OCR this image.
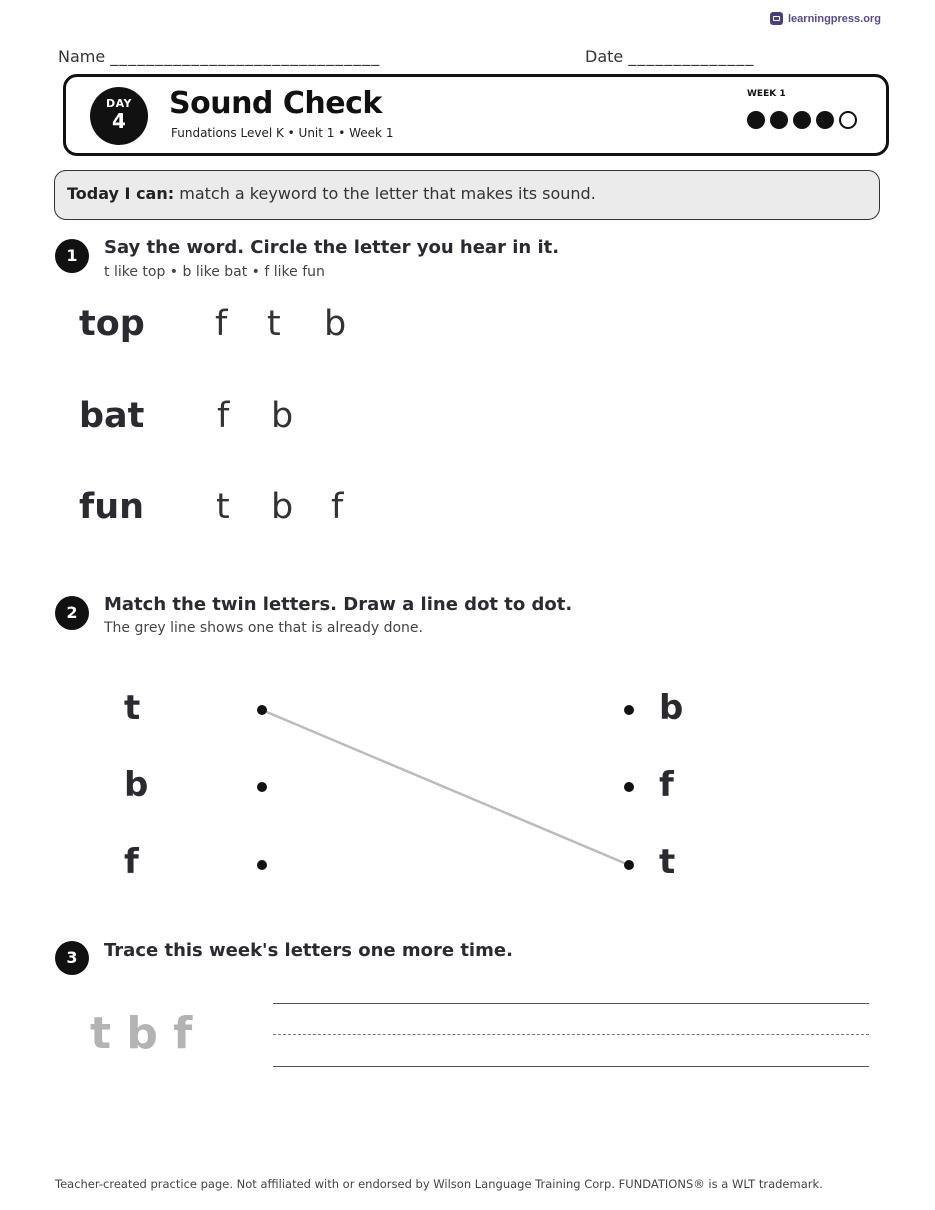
learningpress.org
Name ______________________________	Date ______________
DAY
4	Sound Check
Fundations Level K • Unit 1 • Week 1
WEEK 1
Today I can: match a keyword to the letter that makes its sound.
1	Say the word. Circle the letter you hear in it.
t like top • b like bat • f like fun
top f t b
bat f b
fun t b f
2	Match the twin letters. Draw a line dot to dot.
The grey line shows one that is already done.
t
b
f
b
f
t
3	Trace this week's letters one more time.
t b f
Teacher-created practice page. Not affiliated with or endorsed by Wilson Language Training Corp. FUNDATIONS® is a WLT trademark.
